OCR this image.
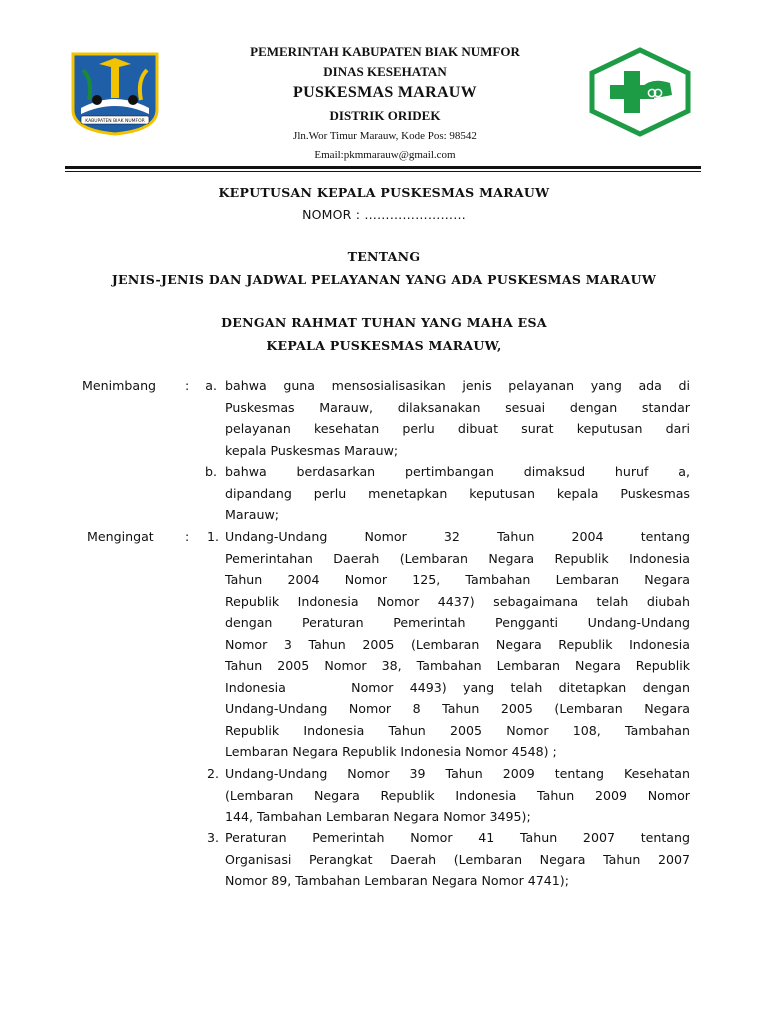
KABUPATEN BIAK NUMFOR
PEMERINTAH KABUPATEN BIAK NUMFOR
DINAS KESEHATAN
PUSKESMAS MARAUW
DISTRIK ORIDEK
Jln.Wor Timur Marauw, Kode Pos: 98542
Email:pkmmarauw@gmail.com
KEPUTUSAN KEPALA PUSKESMAS MARAUW
NOMOR : ……………………
TENTANG
JENIS-JENIS DAN JADWAL PELAYANAN YANG ADA PUSKESMAS MARAUW
DENGAN RAHMAT TUHAN YANG MAHA ESA
KEPALA PUSKESMAS MARAUW,
Menimbang :	a. bahwa guna mensosialisasikan jenis pelayanan yang ada di
Puskesmas Marauw, dilaksanakan sesuai dengan standar
pelayanan kesehatan perlu dibuat surat keputusan dari
kepala Puskesmas Marauw;
b. bahwa berdasarkan pertimbangan dimaksud huruf a,
dipandang perlu menetapkan keputusan kepala Puskesmas
Marauw;
Mengingat :	1. Undang-Undang Nomor 32 Tahun 2004 tentang
Pemerintahan Daerah (Lembaran Negara Republik Indonesia
Tahun 2004 Nomor 125, Tambahan Lembaran Negara
Republik Indonesia Nomor 4437) sebagaimana telah diubah
dengan Peraturan Pemerintah Pengganti Undang-Undang
Nomor 3 Tahun 2005 (Lembaran Negara Republik Indonesia
Tahun 2005 Nomor 38, Tambahan Lembaran Negara Republik
Indonesia    Nomor 4493) yang telah ditetapkan dengan
Undang-Undang Nomor 8 Tahun 2005 (Lembaran Negara
Republik Indonesia Tahun 2005 Nomor 108, Tambahan
Lembaran Negara Republik Indonesia Nomor 4548) ;
2. Undang-Undang Nomor 39 Tahun 2009 tentang Kesehatan
(Lembaran Negara Republik Indonesia Tahun 2009 Nomor
144, Tambahan Lembaran Negara Nomor 3495);
3. Peraturan Pemerintah Nomor 41 Tahun 2007 tentang
Organisasi Perangkat Daerah (Lembaran Negara Tahun 2007
Nomor 89, Tambahan Lembaran Negara Nomor 4741);
